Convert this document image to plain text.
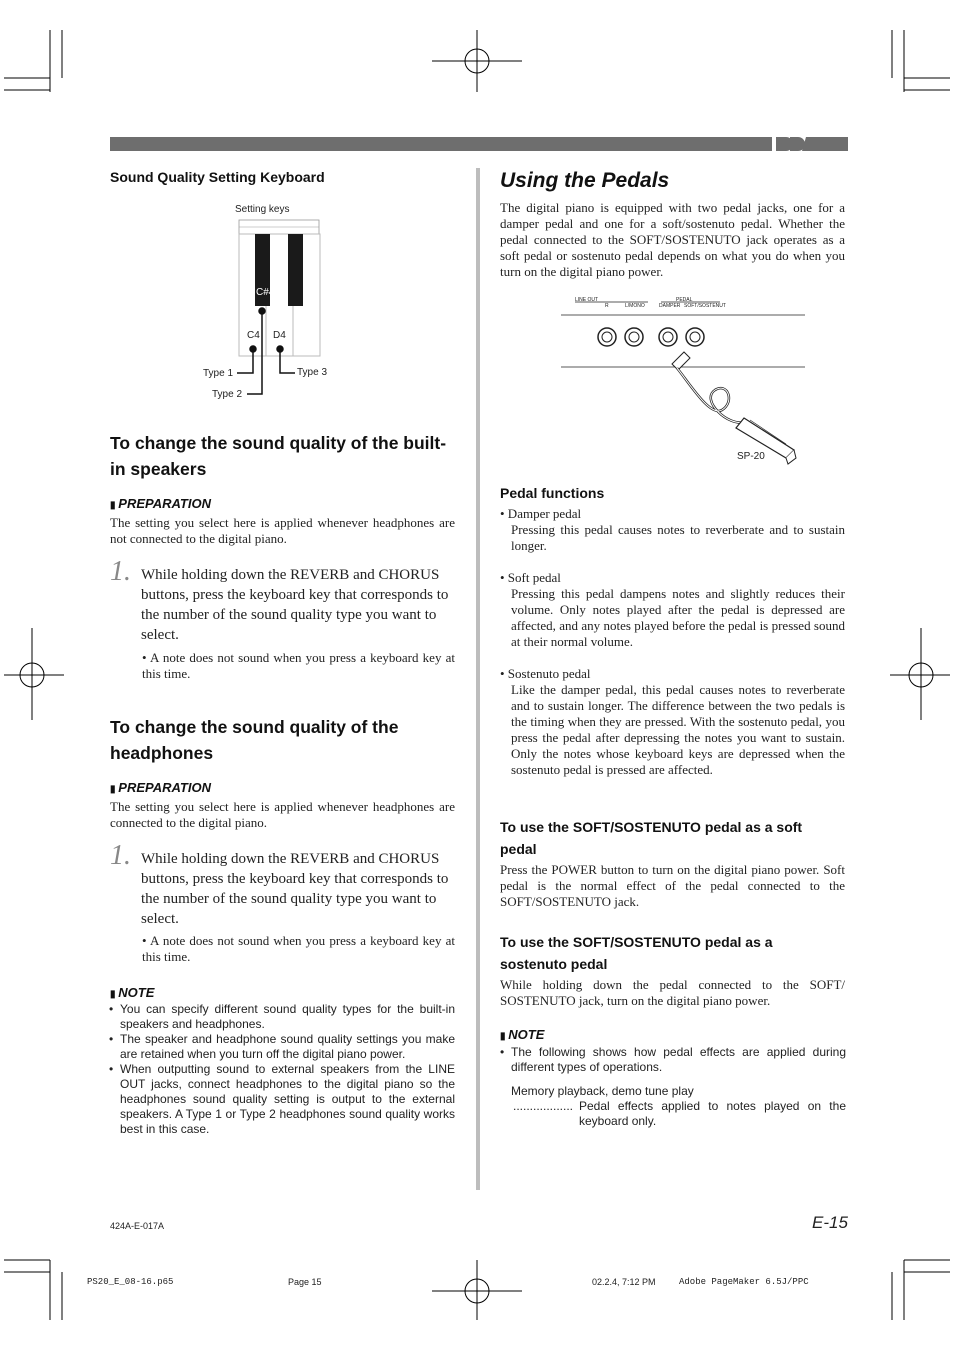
Sound Quality Setting Keyboard
Setting keys
C#4
C4 D4
Type 1
Type 2
Type 3
To change the sound quality of the built-in speakers
▮ PREPARATION
The setting you select here is applied whenever headphones are not connected to the digital piano.
1. While holding down the REVERB and CHORUS buttons, press the keyboard key that corresponds to the number of the sound quality type you want to select.
• A note does not sound when you press a keyboard key at this time.
To change the sound quality of the headphones
▮ PREPARATION
The setting you select here is applied whenever headphones are connected to the digital piano.
1. While holding down the REVERB and CHORUS buttons, press the keyboard key that corresponds to the number of the sound quality type you want to select.
• A note does not sound when you press a keyboard key at this time.
▮ NOTE
• You can specify different sound quality types for the built-in speakers and headphones.
• The speaker and headphone sound quality settings you make are retained when you turn off the digital piano power.
• When outputting sound to external speakers from the LINE OUT jacks, connect headphones to the digital piano so the headphones sound quality setting is output to the external speakers. A Type 1 or Type 2 headphones sound quality works best in this case.
Using the Pedals
The digital piano is equipped with two pedal jacks, one for a damper pedal and one for a soft/sostenuto pedal. Whether the pedal connected to the SOFT/SOSTENUTO jack operates as a soft pedal or sostenuto pedal depends on what you do when you turn on the digital piano power.
LINE OUT
R	L/MONO
PEDAL
DAMPER SOFT/SOSTENUT
SP-20
Pedal functions
• Damper pedal
Pressing this pedal causes notes to reverberate and to sustain longer.
• Soft pedal
Pressing this pedal dampens notes and slightly reduces their volume. Only notes played after the pedal is depressed are affected, and any notes played before the pedal is pressed sound at their normal volume.
• Sostenuto pedal
Like the damper pedal, this pedal causes notes to reverberate and to sustain longer. The difference between the two pedals is the timing when they are pressed. With the sostenuto pedal, you press the pedal after depressing the notes you want to sustain. Only the notes whose keyboard keys are depressed when the sostenuto pedal is pressed are affected.
To use the SOFT/SOSTENUTO pedal as a soft pedal
Press the POWER button to turn on the digital piano power. Soft pedal is the normal effect of the pedal connected to the SOFT/SOSTENUTO jack.
To use the SOFT/SOSTENUTO pedal as a sostenuto pedal
While holding down the pedal connected to the SOFT/ SOSTENUTO jack, turn on the digital piano power.
▮ NOTE
• The following shows how pedal effects are applied during different types of operations.
Memory playback, demo tune play
.................. Pedal effects applied to notes played on the keyboard only.
424A-E-017A	E-15
PS20_E_08-16.p65	Page 15	02.2.4, 7:12 PM	Adobe PageMaker 6.5J/PPC
